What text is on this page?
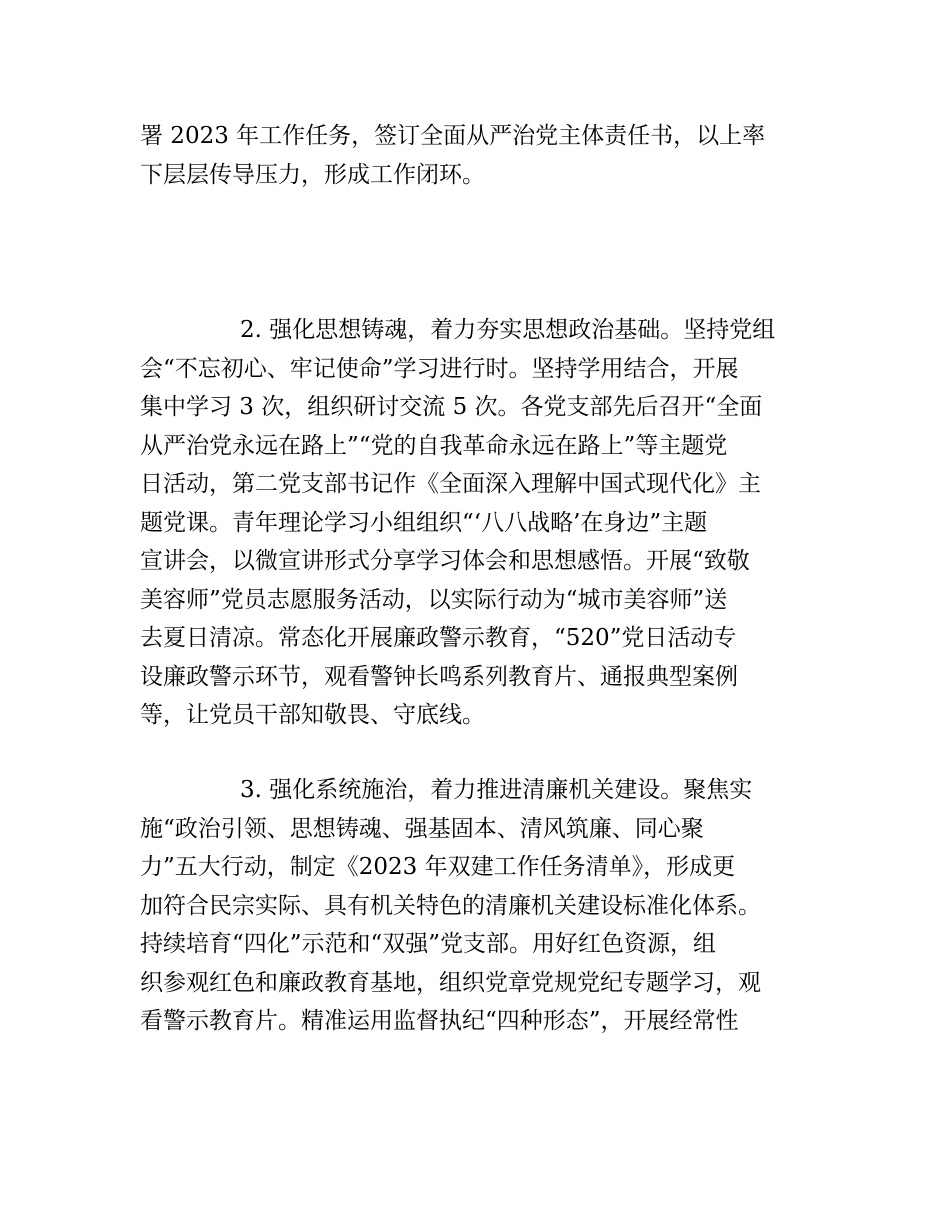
署 2023 年工作任务，签订全面从严治党主体责任书，以上率
下层层传导压力，形成工作闭环。
2. 强化思想铸魂，着力夯实思想政治基础。坚持党组
会“不忘初心、牢记使命”学习进行时。坚持学用结合，开展
集中学习 3 次，组织研讨交流 5 次。各党支部先后召开“全面
从严治党永远在路上”“党的自我革命永远在路上”等主题党
日活动，第二党支部书记作《全面深入理解中国式现代化》主
题党课。青年理论学习小组组织“‘八八战略’在身边”主题
宣讲会，以微宣讲形式分享学习体会和思想感悟。开展“致敬
美容师”党员志愿服务活动，以实际行动为“城市美容师”送
去夏日清凉。常态化开展廉政警示教育，“520”党日活动专
设廉政警示环节，观看警钟长鸣系列教育片、通报典型案例
等，让党员干部知敬畏、守底线。
3. 强化系统施治，着力推进清廉机关建设。聚焦实
施“政治引领、思想铸魂、强基固本、清风筑廉、同心聚
力”五大行动，制定《2023 年双建工作任务清单》，形成更
加符合民宗实际、具有机关特色的清廉机关建设标准化体系。
持续培育“四化”示范和“双强”党支部。用好红色资源，组
织参观红色和廉政教育基地，组织党章党规党纪专题学习，观
看警示教育片。精准运用监督执纪“四种形态”，开展经常性
